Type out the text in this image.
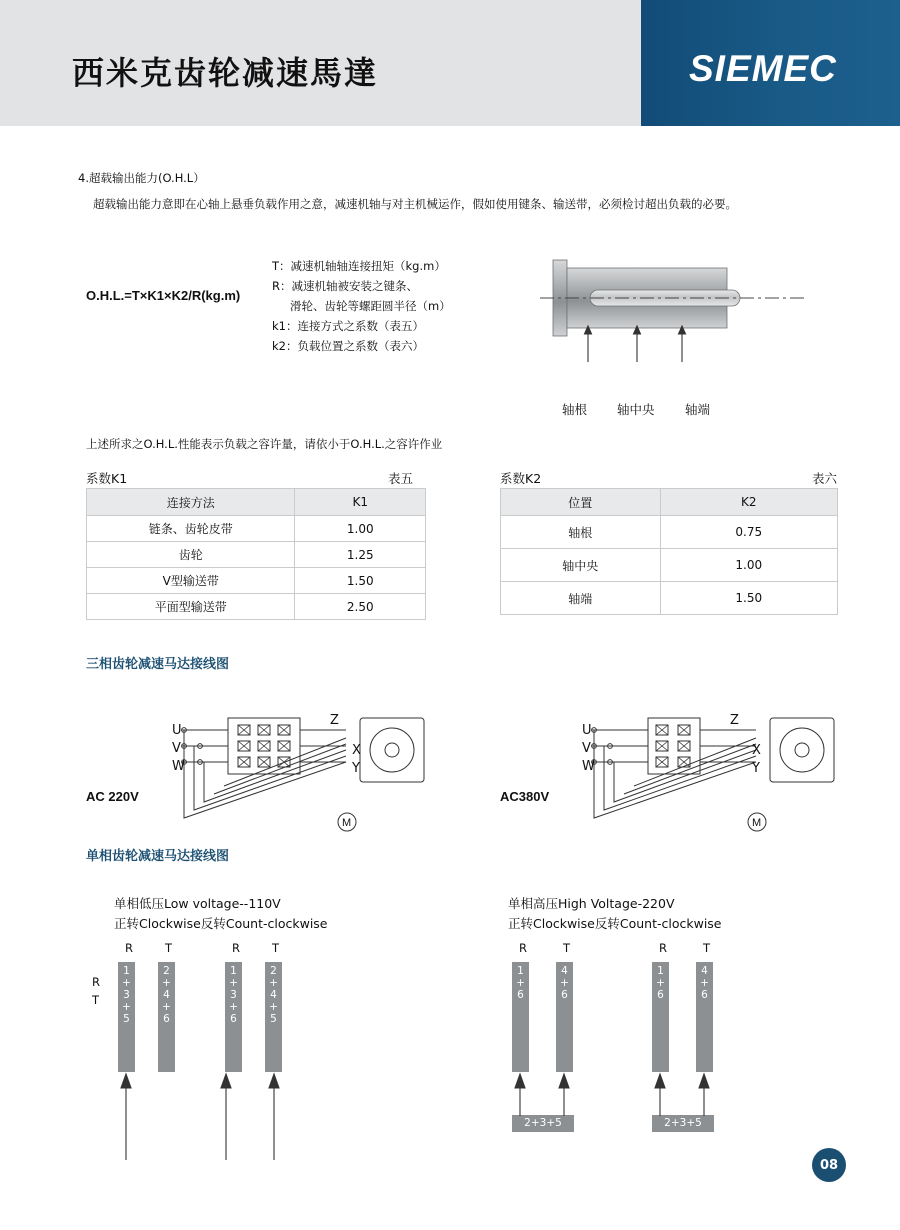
西米克齿轮减速馬達	SIEMEC
4.超载输出能力(O.H.L）
超载输出能力意即在心轴上悬垂负载作用之意，减速机轴与对主机械运作，假如使用键条、输送带，必须检讨超出负载的必要。
O.H.L.=T×K1×K2/R(kg.m)
T：减速机轴轴连接扭矩（kg.m）
R：减速机轴被安装之键条、
滑轮、齿轮等螺距圆半径（m）
k1：连接方式之系数（表五）
k2：负载位置之系数（表六）
上述所求之O.H.L.性能表示负载之容许量，请依小于O.H.L.之容许作业
轴根 轴中央 轴端
系数K1	表五
连接方法	K1
链条、齿轮皮带	1.00
齿轮	1.25
V型输送带	1.50
平面型输送带	2.50
系数K2	表六
位置	K2
轴根	0.75
轴中央	1.00
轴端	1.50
三相齿轮减速马达接线图
AC 220V
M
U
V
W
Z
X
Y
AC380V
M
U
V
W
Z
X
Y
单相齿轮减速马达接线图
单相低压Low voltage--110V
正转Clockwise反转Count-clockwise
R
T
R	T
1
+
3
+
5
2
+
4
+
6
R	T
1
+
3
+
6
2
+
4
+
5
单相高压High Voltage-220V
正转Clockwise反转Count-clockwise
R	T
1
+
6
4
+
6
2+3+5
R	T
1
+
6
4
+
6
2+3+5
08
